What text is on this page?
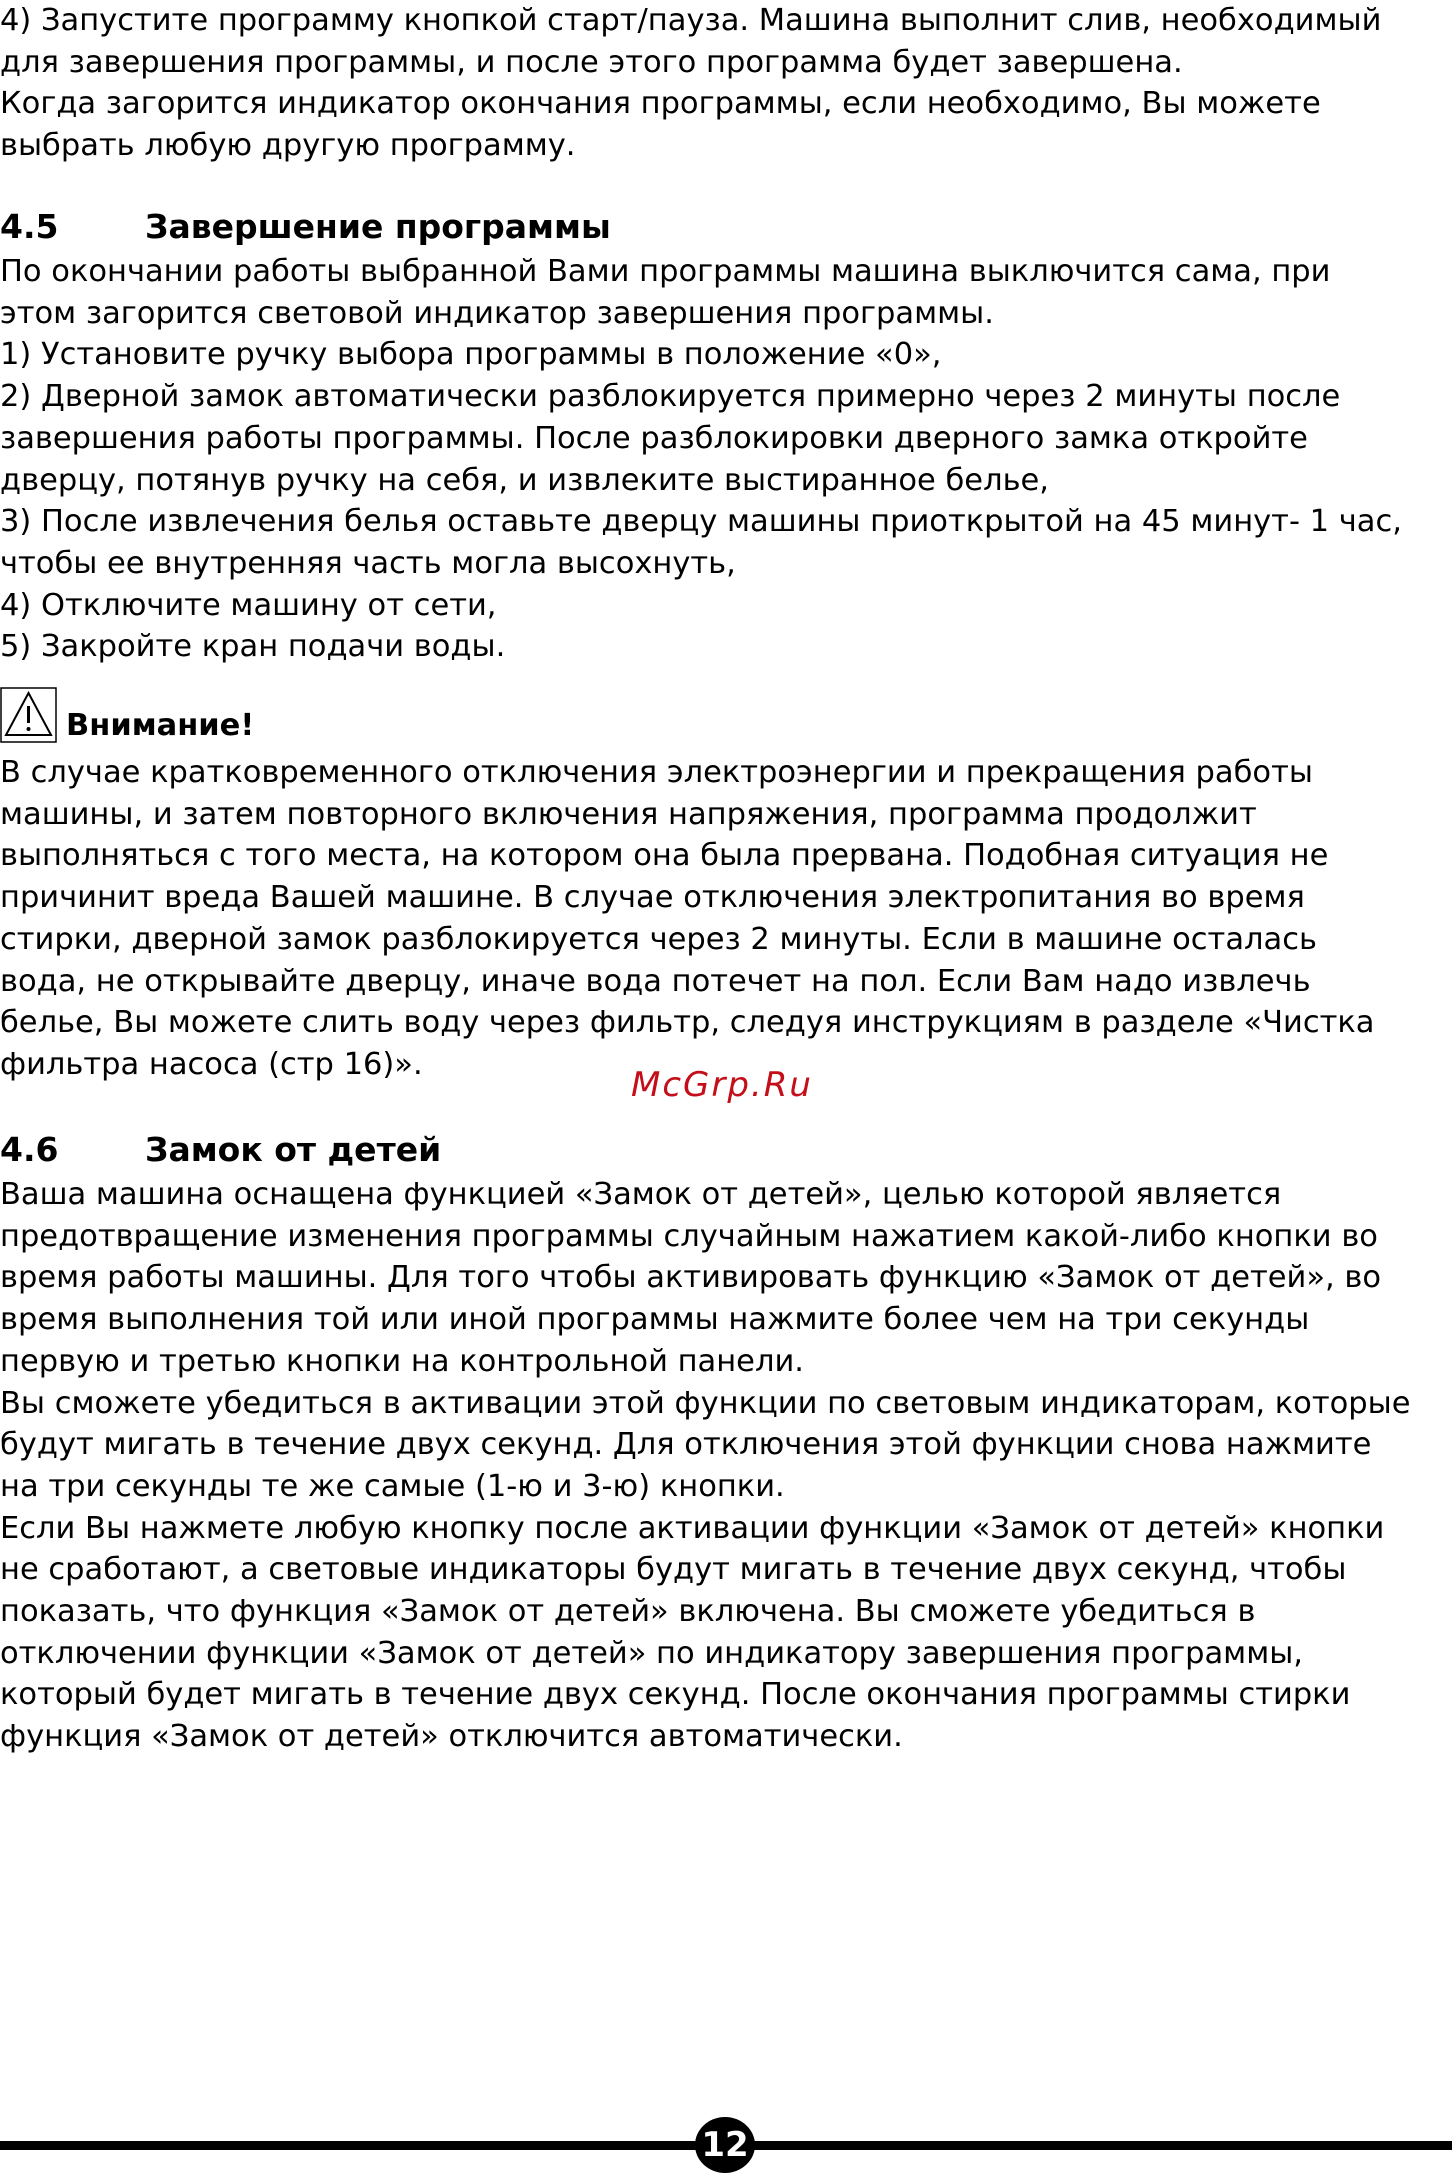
4) Запустите программу кнопкой старт/пауза. Машина выполнит слив, необходимый
для завершения программы, и после этого программа будет завершена.
Когда загорится индикатор окончания программы, если необходимо, Вы можете
выбрать любую другую программу.
4.5	Завершение программы
По окончании работы выбранной Вами программы машина выключится сама, при
этом загорится световой индикатор завершения программы.
1) Установите ручку выбора программы в положение «0»,
2) Дверной замок автоматически разблокируется примерно через 2 минуты после
завершения работы программы. После разблокировки дверного замка откройте
дверцу, потянув ручку на себя, и извлеките выстиранное белье,
3) После извлечения белья оставьте дверцу машины приоткрытой на 45 минут- 1 час,
чтобы ее внутренняя часть могла высохнуть,
4) Отключите машину от сети,
5) Закройте кран подачи воды.
Внимание!
В случае кратковременного отключения электроэнергии и прекращения работы
машины, и затем повторного включения напряжения, программа продолжит
выполняться с того места, на котором она была прервана. Подобная ситуация не
причинит вреда Вашей машине. В случае отключения электропитания во время
стирки, дверной замок разблокируется через 2 минуты. Если в машине осталась
вода, не открывайте дверцу, иначе вода потечет на пол. Если Вам надо извлечь
белье, Вы можете слить воду через фильтр, следуя инструкциям в разделе «Чистка
фильтра насоса (стр 16)».
McGrp.Ru
4.6	Замок от детей
Ваша машина оснащена функцией «Замок от детей», целью которой является
предотвращение изменения программы случайным нажатием какой-либо кнопки во
время работы машины. Для того чтобы активировать функцию «Замок от детей», во
время выполнения той или иной программы нажмите более чем на три секунды
первую и третью кнопки на контрольной панели.
Вы сможете убедиться в активации этой функции по световым индикаторам, которые
будут мигать в течение двух секунд. Для отключения этой функции снова нажмите
на три секунды те же самые (1-ю и 3-ю) кнопки.
Если Вы нажмете любую кнопку после активации функции «Замок от детей» кнопки
не сработают, а световые индикаторы будут мигать в течение двух секунд, чтобы
показать, что функция «Замок от детей» включена. Вы сможете убедиться в
отключении функции «Замок от детей» по индикатору завершения программы,
который будет мигать в течение двух секунд. После окончания программы стирки
функция «Замок от детей» отключится автоматически.
12
